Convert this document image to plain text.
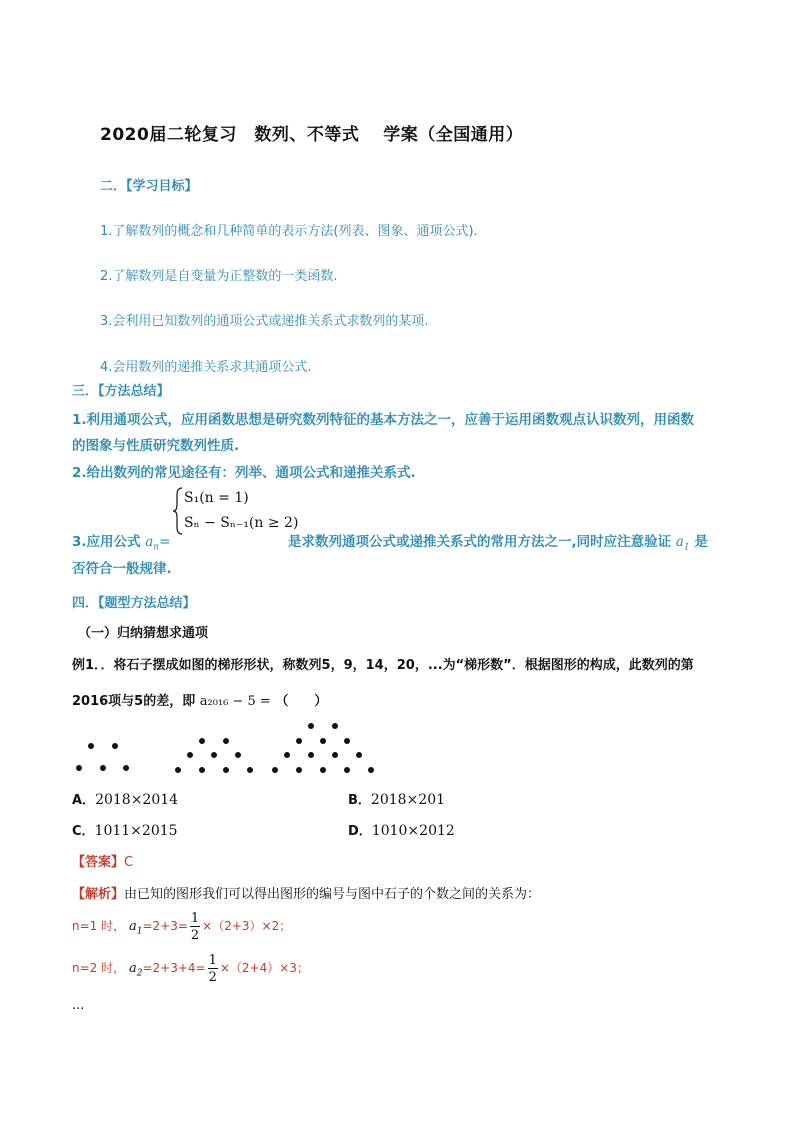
2020届二轮复习　数列、不等式　 学案（全国通用）
二．【学习目标】
1.了解数列的概念和几种简单的表示方法(列表、图象、通项公式).
2.了解数列是自变量为正整数的一类函数.
3.会利用已知数列的通项公式或递推关系式求数列的某项.
4.会用数列的递推关系求其通项公式.
三．【方法总结】
1.利用通项公式，应用函数思想是研究数列特征的基本方法之一，应善于运用函数观点认识数列，用函数
的图象与性质研究数列性质.
2.给出数列的常见途径有：列举、通项公式和递推关系式.
S₁(n = 1)
Sₙ − Sₙ₋₁(n ≥ 2)
3.应用公式 $a_n=$	是求数列通项公式或递推关系式的常用方法之一,同时应注意验证 $a_1$ 是
否符合一般规律.
四．【题型方法总结】
（一）归纳猜想求通项
例1．．将石子摆成如图的梯形形状，称数列5，9，14，20，...为“梯形数”．根据图形的构成，此数列的第
2016项与5的差，即 a₂₀₁₆ − 5 = （　　）
A．2018×2014	B．2018×201
C．1011×2015	D．1010×2012
【答案】C
【解析】由已知的图形我们可以得出图形的编号与图中石子的个数之间的关系为：
n=1 时， $a_1=2+3= \frac{1}{2} \times(2+3)\times 2$；
n=2 时， $a_2=2+3+4= \frac{1}{2} \times(2+4)\times 3$；
...
